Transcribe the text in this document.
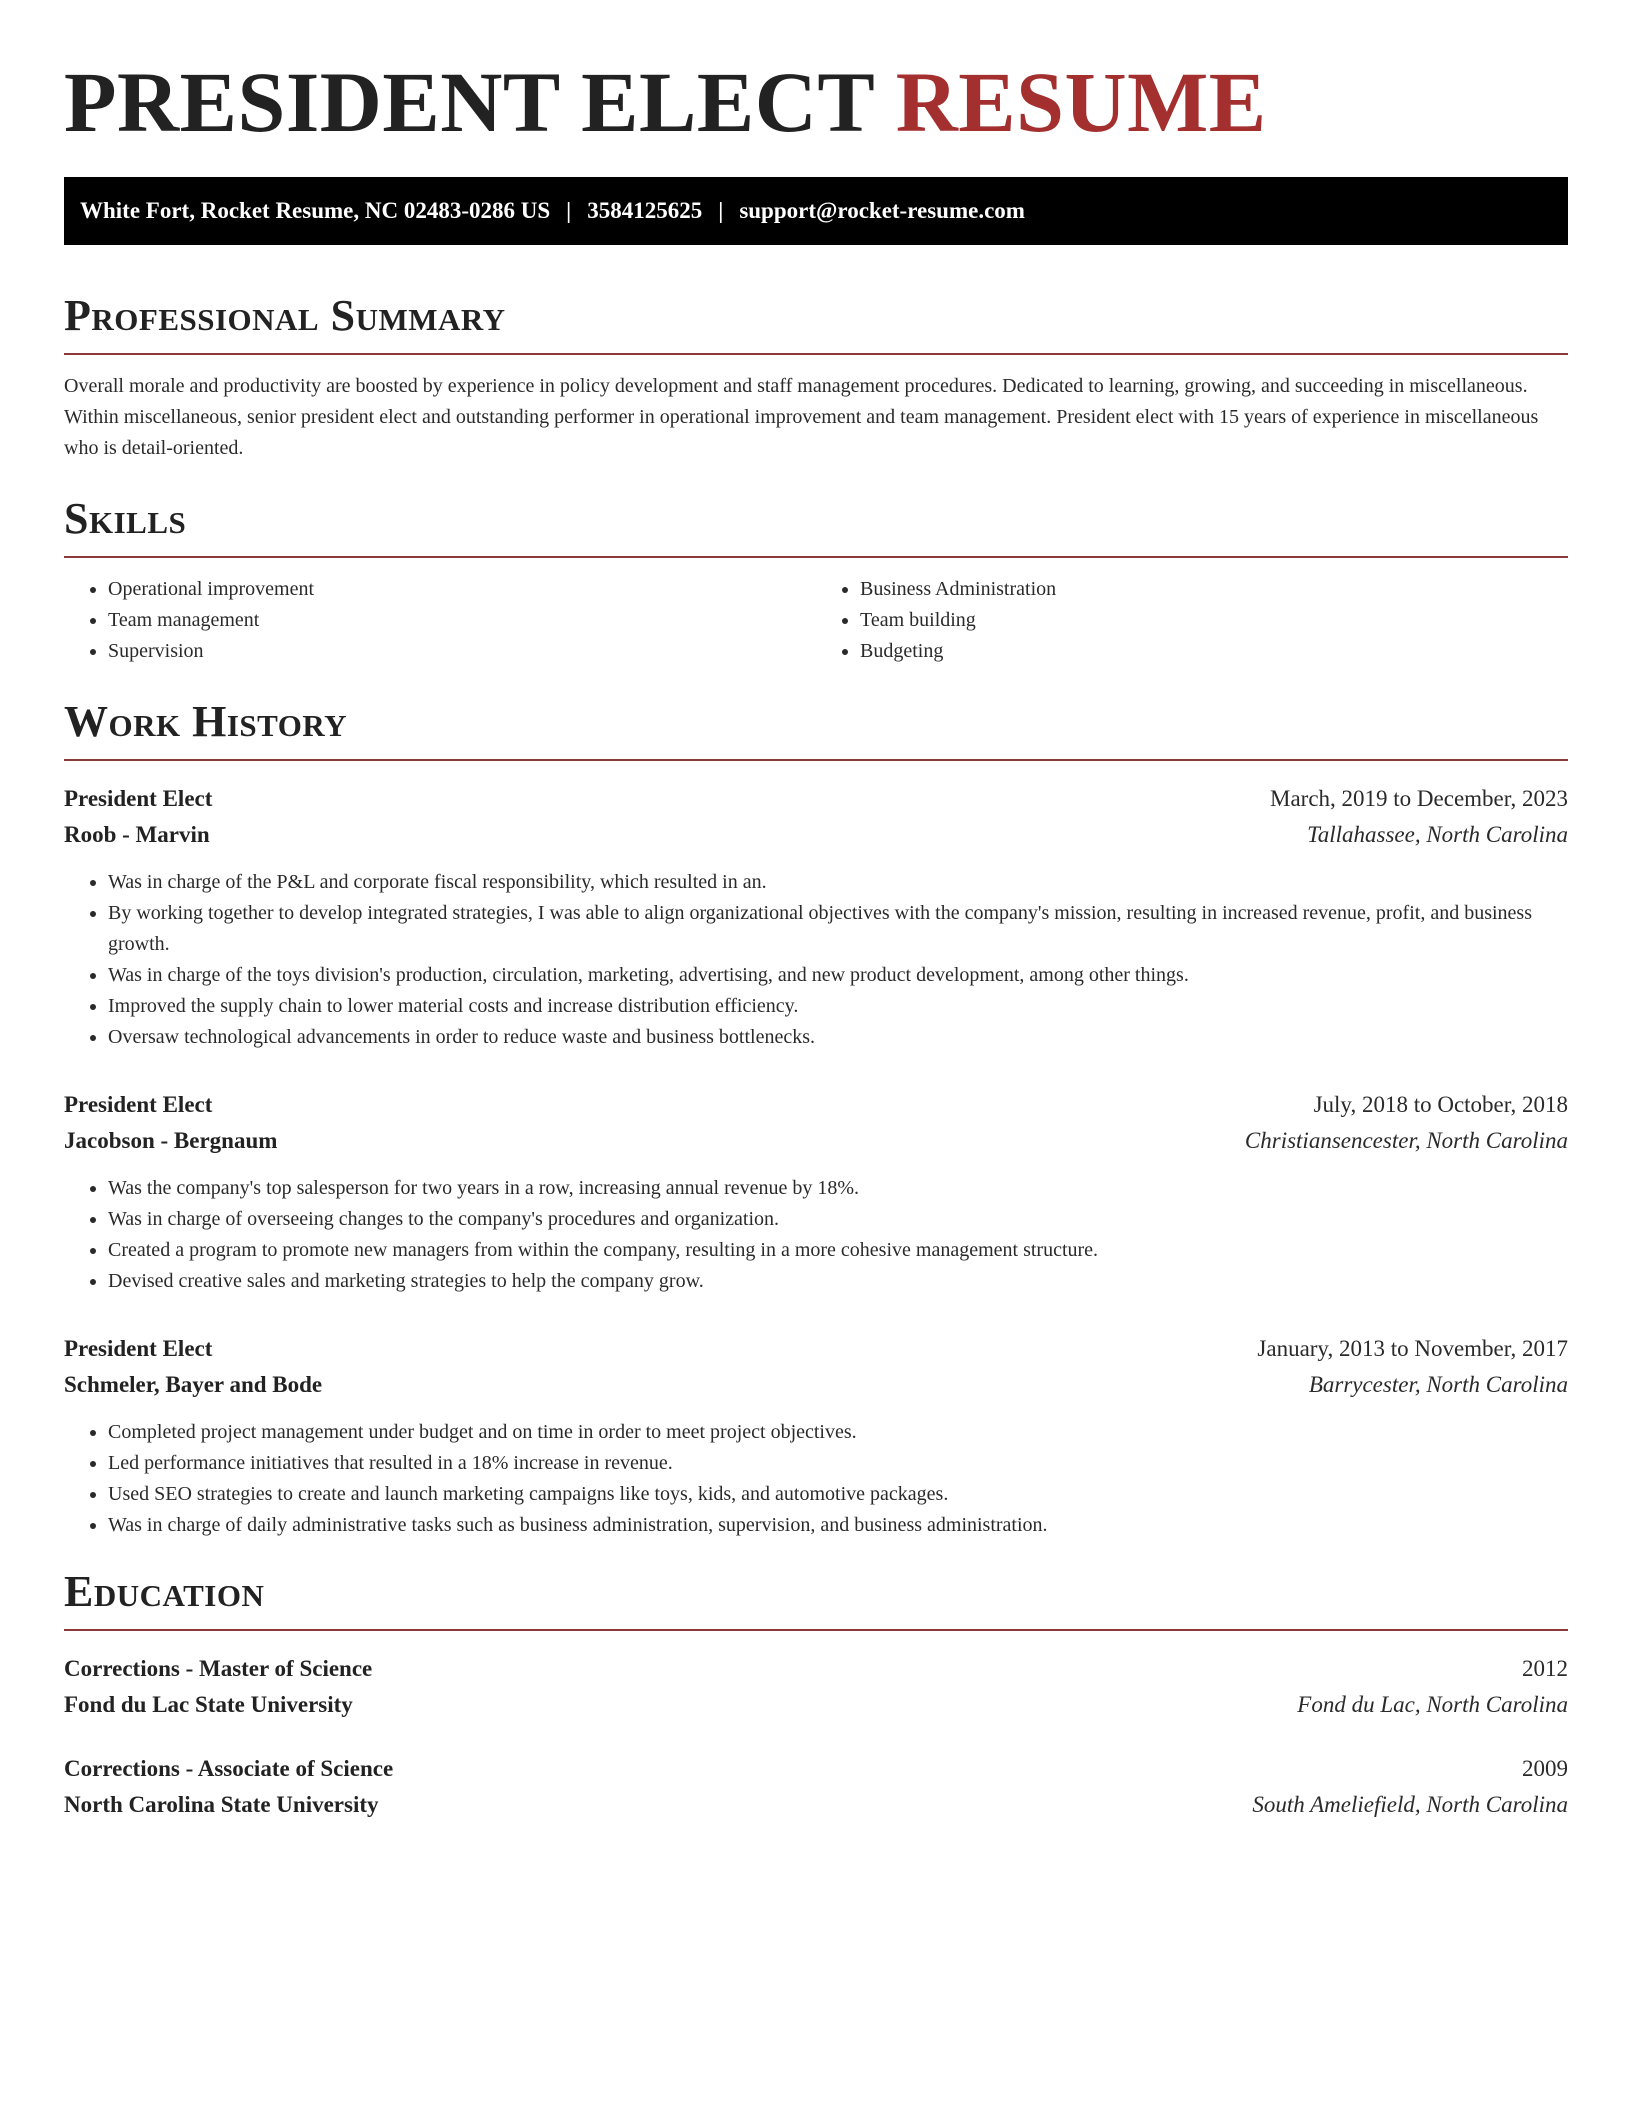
PRESIDENT ELECT RESUME
White Fort, Rocket Resume, NC 02483-0286 US | 3584125625 | support@rocket-resume.com
Professional Summary

Overall morale and productivity are boosted by experience in policy development and staff management procedures. Dedicated to learning, growing, and succeeding in miscellaneous. Within miscellaneous, senior president elect and outstanding performer in operational improvement and team management. President elect with 15 years of experience in miscellaneous who is detail-oriented.

Skills
• Operational improvement
• Team management
• Supervision
• Business Administration
• Team building
• Budgeting
Work History
President Elect	March, 2019 to December, 2023
Roob - Marvin	Tallahassee, North Carolina
• Was in charge of the P&L and corporate fiscal responsibility, which resulted in an.
• By working together to develop integrated strategies, I was able to align organizational objectives with the company's mission, resulting in increased revenue, profit, and business growth.
• Was in charge of the toys division's production, circulation, marketing, advertising, and new product development, among other things.
• Improved the supply chain to lower material costs and increase distribution efficiency.
• Oversaw technological advancements in order to reduce waste and business bottlenecks.
President Elect	July, 2018 to October, 2018
Jacobson - Bergnaum	Christiansencester, North Carolina
• Was the company's top salesperson for two years in a row, increasing annual revenue by 18%.
• Was in charge of overseeing changes to the company's procedures and organization.
• Created a program to promote new managers from within the company, resulting in a more cohesive management structure.
• Devised creative sales and marketing strategies to help the company grow.
President Elect	January, 2013 to November, 2017
Schmeler, Bayer and Bode	Barrycester, North Carolina
• Completed project management under budget and on time in order to meet project objectives.
• Led performance initiatives that resulted in a 18% increase in revenue.
• Used SEO strategies to create and launch marketing campaigns like toys, kids, and automotive packages.
• Was in charge of daily administrative tasks such as business administration, supervision, and business administration.
Education
Corrections - Master of Science	2012
Fond du Lac State University	Fond du Lac, North Carolina
Corrections - Associate of Science	2009
North Carolina State University	South Ameliefield, North Carolina
